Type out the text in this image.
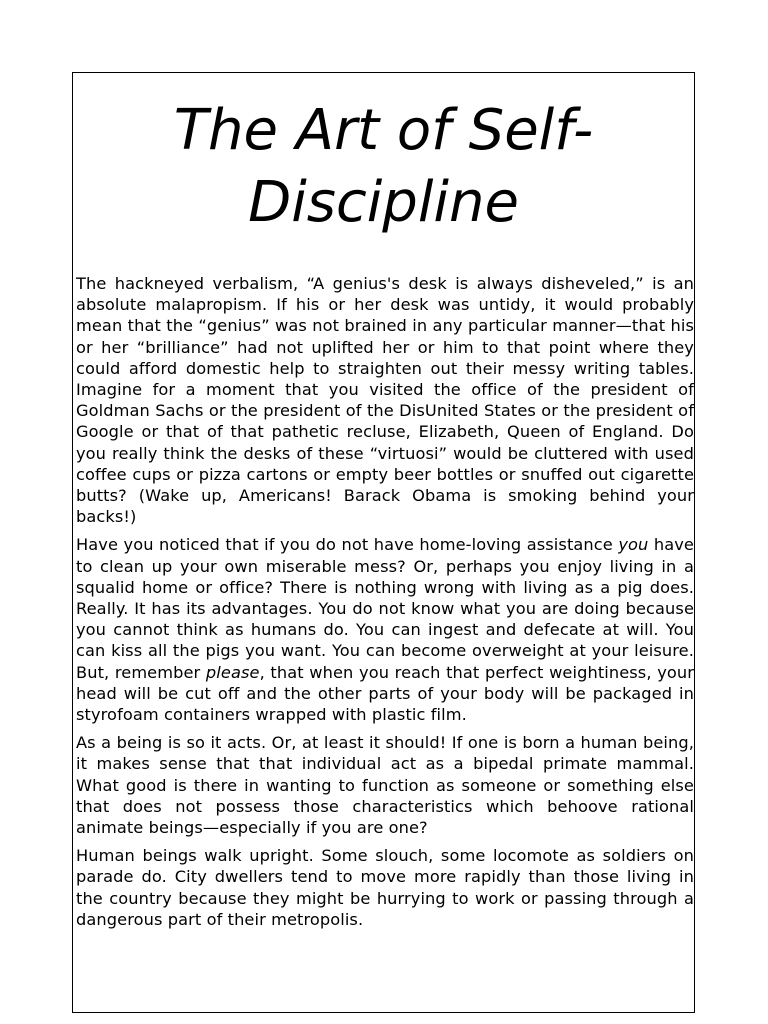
The Art of Self-
Discipline

The hackneyed verbalism, “A genius's desk is always disheveled,” is an absolute malapropism. If his or her desk was untidy, it would probably mean that the “genius” was not brained in any particular manner—that his or her “brilliance” had not uplifted her or him to that point where they could afford domestic help to straighten out their messy writing tables. Imagine for a moment that you visited the office of the president of Goldman Sachs or the president of the DisUnited States or the president of Google or that of that pathetic recluse, Elizabeth, Queen of England. Do you really think the desks of these “virtuosi” would be cluttered with used coffee cups or pizza cartons or empty beer bottles or snuffed out cigarette butts? (Wake up, Americans! Barack Obama is smoking behind your backs!)

Have you noticed that if you do not have home-loving assistance you have to clean up your own miserable mess? Or, perhaps you enjoy living in a squalid home or office? There is nothing wrong with living as a pig does. Really. It has its advantages. You do not know what you are doing because you cannot think as humans do. You can ingest and defecate at will. You can kiss all the pigs you want. You can become overweight at your leisure. But, remember please, that when you reach that perfect weightiness, your head will be cut off and the other parts of your body will be packaged in styrofoam containers wrapped with plastic film.

As a being is so it acts. Or, at least it should! If one is born a human being, it makes sense that that individual act as a bipedal primate mammal. What good is there in wanting to function as someone or something else that does not possess those characteristics which behoove rational animate beings—especially if you are one?

Human beings walk upright. Some slouch, some locomote as soldiers on parade do. City dwellers tend to move more rapidly than those living in the country because they might be hurrying to work or passing through a dangerous part of their metropolis.
